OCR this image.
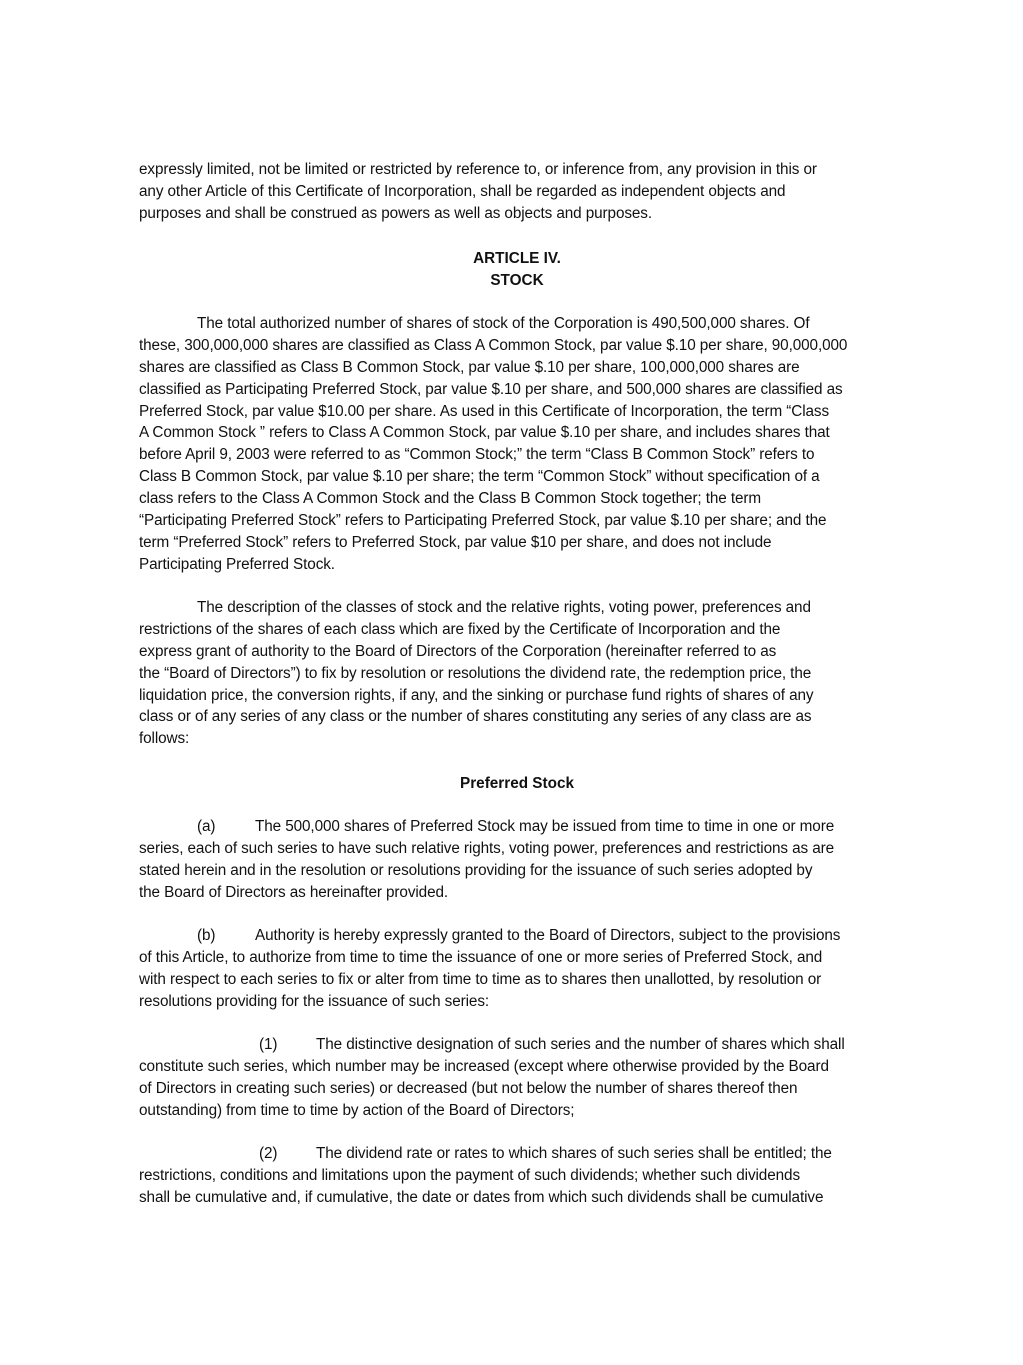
expressly limited, not be limited or restricted by reference to, or inference from, any provision in this or
any other Article of this Certificate of Incorporation, shall be regarded as independent objects and
purposes and shall be construed as powers as well as objects and purposes.
ARTICLE IV.
STOCK
The total authorized number of shares of stock of the Corporation is 490,500,000 shares. Of
these, 300,000,000 shares are classified as Class A Common Stock, par value $.10 per share, 90,000,000
shares are classified as Class B Common Stock, par value $.10 per share, 100,000,000 shares are
classified as Participating Preferred Stock, par value $.10 per share, and 500,000 shares are classified as
Preferred Stock, par value $10.00 per share. As used in this Certificate of Incorporation, the term “Class
A Common Stock ” refers to Class A Common Stock, par value $.10 per share, and includes shares that
before April 9, 2003 were referred to as “Common Stock;” the term “Class B Common Stock” refers to
Class B Common Stock, par value $.10 per share; the term “Common Stock” without specification of a
class refers to the Class A Common Stock and the Class B Common Stock together; the term
“Participating Preferred Stock” refers to Participating Preferred Stock, par value $.10 per share; and the
term “Preferred Stock” refers to Preferred Stock, par value $10 per share, and does not include
Participating Preferred Stock.
The description of the classes of stock and the relative rights, voting power, preferences and
restrictions of the shares of each class which are fixed by the Certificate of Incorporation and the
express grant of authority to the Board of Directors of the Corporation (hereinafter referred to as
the “Board of Directors”) to fix by resolution or resolutions the dividend rate, the redemption price, the
liquidation price, the conversion rights, if any, and the sinking or purchase fund rights of shares of any
class or of any series of any class or the number of shares constituting any series of any class are as
follows:
Preferred Stock
(a)	The 500,000 shares of Preferred Stock may be issued from time to time in one or more
series, each of such series to have such relative rights, voting power, preferences and restrictions as are
stated herein and in the resolution or resolutions providing for the issuance of such series adopted by
the Board of Directors as hereinafter provided.
(b)	Authority is hereby expressly granted to the Board of Directors, subject to the provisions
of this Article, to authorize from time to time the issuance of one or more series of Preferred Stock, and
with respect to each series to fix or alter from time to time as to shares then unallotted, by resolution or
resolutions providing for the issuance of such series:
(1)	The distinctive designation of such series and the number of shares which shall
constitute such series, which number may be increased (except where otherwise provided by the Board
of Directors in creating such series) or decreased (but not below the number of shares thereof then
outstanding) from time to time by action of the Board of Directors;
(2)	The dividend rate or rates to which shares of such series shall be entitled; the
restrictions, conditions and limitations upon the payment of such dividends; whether such dividends
shall be cumulative and, if cumulative, the date or dates from which such dividends shall be cumulative
